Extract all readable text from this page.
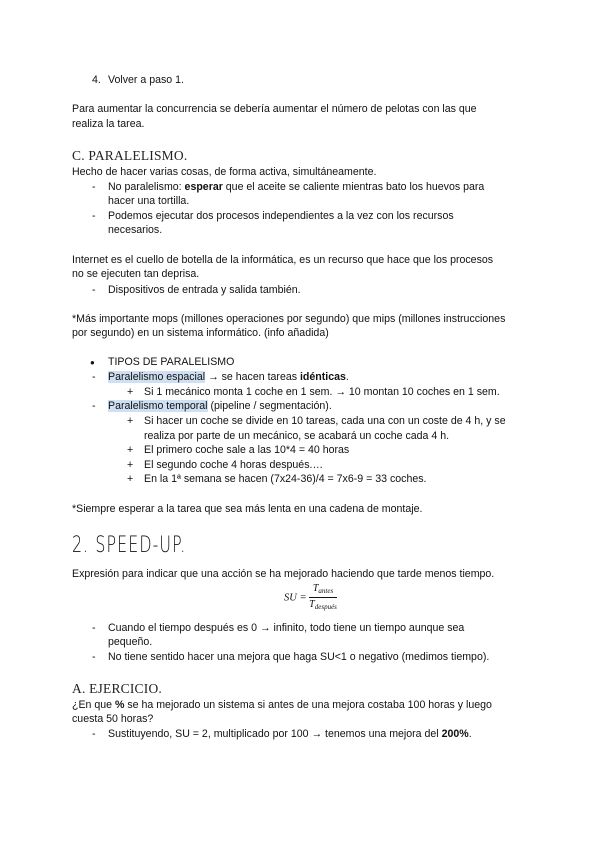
4. Volver a paso 1.
Para aumentar la concurrencia se debería aumentar el número de pelotas con las que
realiza la tarea.
C. PARALELISMO.
Hecho de hacer varias cosas, de forma activa, simultáneamente.
- No paralelismo: esperar que el aceite se caliente mientras bato los huevos para
hacer una tortilla.
- Podemos ejecutar dos procesos independientes a la vez con los recursos
necesarios.
Internet es el cuello de botella de la informática, es un recurso que hace que los procesos
no se ejecuten tan deprisa.
- Dispositivos de entrada y salida también.
*Más importante mops (millones operaciones por segundo) que mips (millones instrucciones
por segundo) en un sistema informático. (info añadida)
● TIPOS DE PARALELISMO
- Paralelismo espacial → se hacen tareas idénticas.
+ Si 1 mecánico monta 1 coche en 1 sem. → 10 montan 10 coches en 1 sem.
- Paralelismo temporal (pipeline / segmentación).
+ Si hacer un coche se divide en 10 tareas, cada una con un coste de 4 h, y se
realiza por parte de un mecánico, se acabará un coche cada 4 h.
+ El primero coche sale a las 10*4 = 40 horas
+ El segundo coche 4 horas después.…
+ En la 1ª semana se hacen (7x24-36)/4 = 7x6-9 = 33 coches.
*Siempre esperar a la tarea que sea más lenta en una cadena de montaje.
2. SPEED-UP.
Expresión para indicar que una acción se ha mejorado haciendo que tarde menos tiempo.
SU = $\frac{T_{antes}}{T_{después}}$
- Cuando el tiempo después es 0 → infinito, todo tiene un tiempo aunque sea
pequeño.
- No tiene sentido hacer una mejora que haga SU<1 o negativo (medimos tiempo).
A. EJERCICIO.
¿En que % se ha mejorado un sistema si antes de una mejora costaba 100 horas y luego
cuesta 50 horas?
- Sustituyendo, SU = 2, multiplicado por 100 → tenemos una mejora del 200%.
